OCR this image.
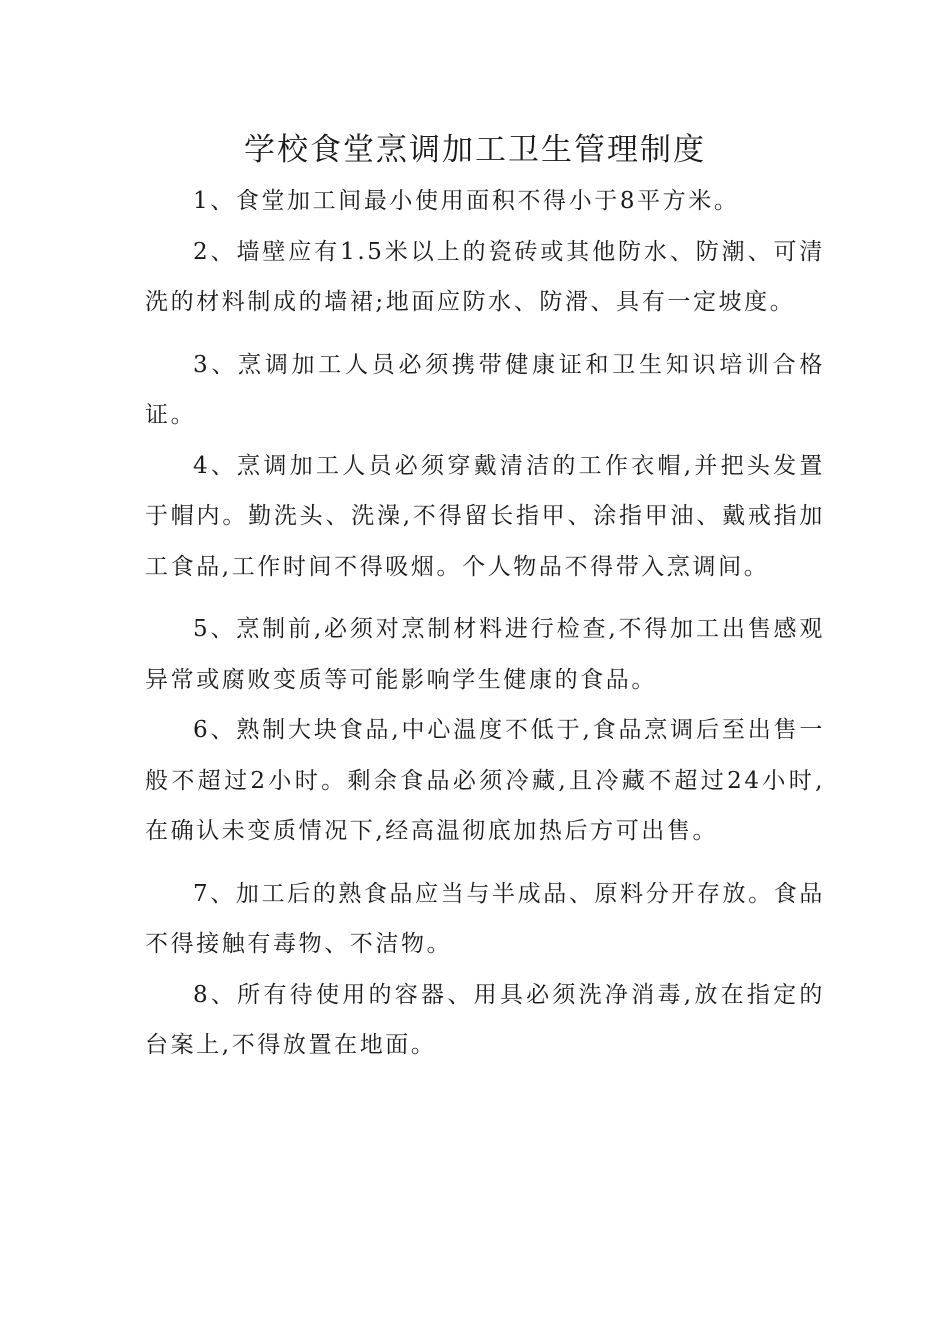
学校食堂烹调加工卫生管理制度

1、食堂加工间最小使用面积不得小于8平方米。

2、墙壁应有1.5米以上的瓷砖或其他防水、防潮、可清洗的材料制成的墙裙;地面应防水、防滑、具有一定坡度。

3、烹调加工人员必须携带健康证和卫生知识培训合格证。

4、烹调加工人员必须穿戴清洁的工作衣帽,并把头发置于帽内。勤洗头、洗澡,不得留长指甲、涂指甲油、戴戒指加工食品,工作时间不得吸烟。个人物品不得带入烹调间。

5、烹制前,必须对烹制材料进行检查,不得加工出售感观异常或腐败变质等可能影响学生健康的食品。

6、熟制大块食品,中心温度不低于,食品烹调后至出售一般不超过2小时。剩余食品必须冷藏,且冷藏不超过24小时,在确认未变质情况下,经高温彻底加热后方可出售。

7、加工后的熟食品应当与半成品、原料分开存放。食品不得接触有毒物、不洁物。

8、所有待使用的容器、用具必须洗净消毒,放在指定的台案上,不得放置在地面。
